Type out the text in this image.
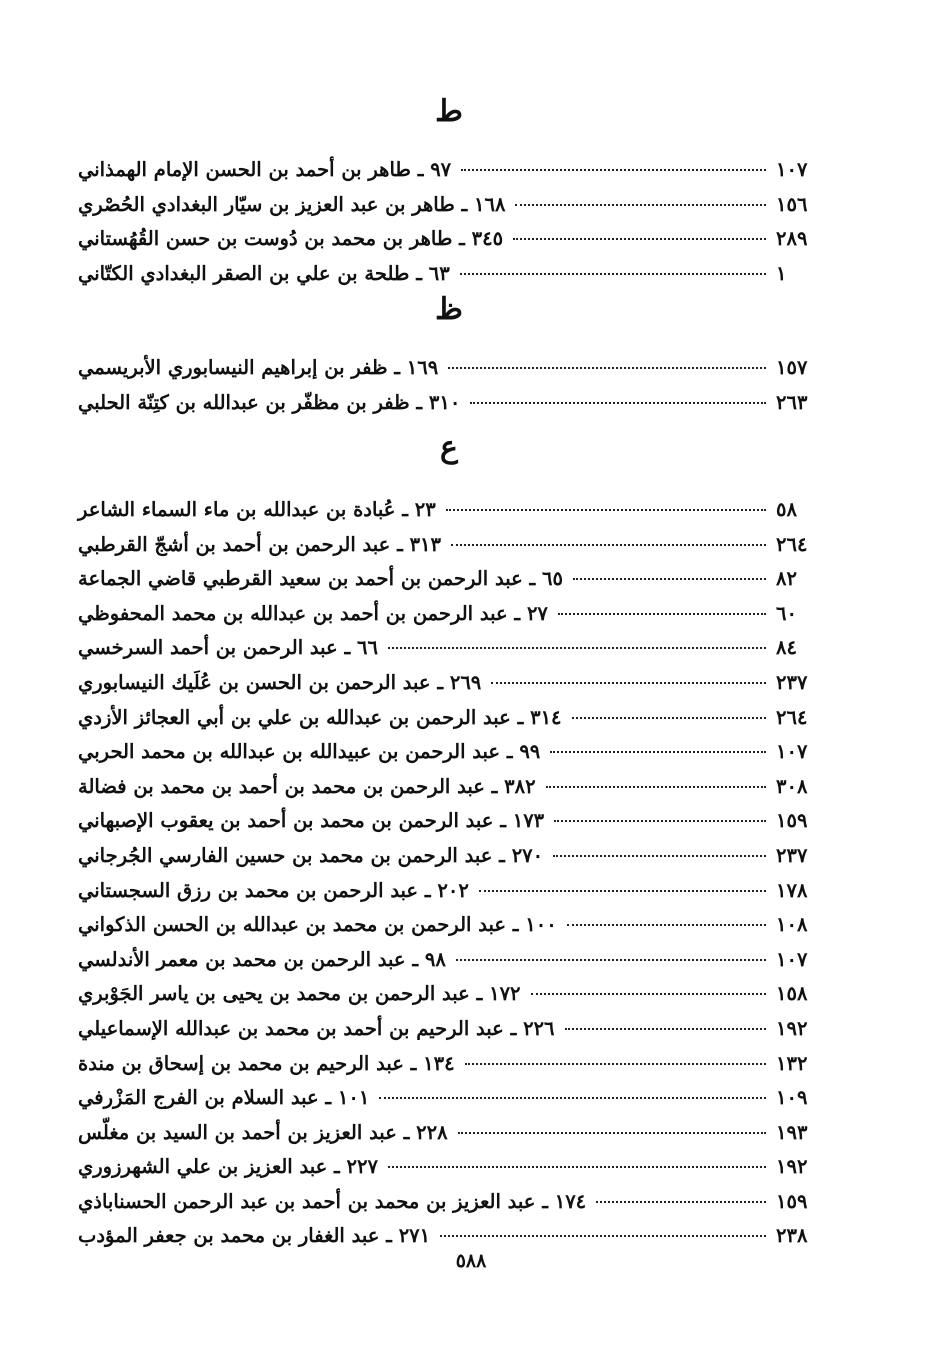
ط
٩٧ ـ طاهر بن أحمد بن الحسن الإمام الهمذاني	١٠٧
١٦٨ ـ طاهر بن عبد العزيز بن سيّار البغدادي الحُصْري	١٥٦
٣٤٥ ـ طاهر بن محمد بن دُوست بن حسن القُهُستاني	٢٨٩
٦٣ ـ طلحة بن علي بن الصقر البغدادي الكتّاني	١
ظ
١٦٩ ـ ظفر بن إبراهيم النيسابوري الأبريسمي	١٥٧
٣١٠ ـ ظفر بن مظفّر بن عبدالله بن كتِنّة الحلبي	٢٦٣
ع
٢٣ ـ عُبادة بن عبدالله بن ماء السماء الشاعر	٥٨
٣١٣ ـ عبد الرحمن بن أحمد بن أشجّ القرطبي	٢٦٤
٦٥ ـ عبد الرحمن بن أحمد بن سعيد القرطبي قاضي الجماعة	٨٢
٢٧ ـ عبد الرحمن بن أحمد بن عبدالله بن محمد المحفوظي	٦٠
٦٦ ـ عبد الرحمن بن أحمد السرخسي	٨٤
٢٦٩ ـ عبد الرحمن بن الحسن بن عُلَيك النيسابوري	٢٣٧
٣١٤ ـ عبد الرحمن بن عبدالله بن علي بن أبي العجائز الأزدي	٢٦٤
٩٩ ـ عبد الرحمن بن عبيدالله بن عبدالله بن محمد الحربي	١٠٧
٣٨٢ ـ عبد الرحمن بن محمد بن أحمد بن محمد بن فضالة	٣٠٨
١٧٣ ـ عبد الرحمن بن محمد بن أحمد بن يعقوب الإصبهاني	١٥٩
٢٧٠ ـ عبد الرحمن بن محمد بن حسين الفارسي الجُرجاني	٢٣٧
٢٠٢ ـ عبد الرحمن بن محمد بن رزق السجستاني	١٧٨
١٠٠ ـ عبد الرحمن بن محمد بن عبدالله بن الحسن الذكواني	١٠٨
٩٨ ـ عبد الرحمن بن محمد بن معمر الأندلسي	١٠٧
١٧٢ ـ عبد الرحمن بن محمد بن يحيى بن ياسر الجَوْبري	١٥٨
٢٢٦ ـ عبد الرحيم بن أحمد بن محمد بن عبدالله الإسماعيلي	١٩٢
١٣٤ ـ عبد الرحيم بن محمد بن إسحاق بن مندة	١٣٢
١٠١ ـ عبد السلام بن الفرج المَزْرفي	١٠٩
٢٢٨ ـ عبد العزيز بن أحمد بن السيد بن مغلّس	١٩٣
٢٢٧ ـ عبد العزيز بن علي الشهرزوري	١٩٢
١٧٤ ـ عبد العزيز بن محمد بن أحمد بن عبد الرحمن الحسناباذي	١٥٩
٢٧١ ـ عبد الغفار بن محمد بن جعفر المؤدب	٢٣٨
٥٨٨
